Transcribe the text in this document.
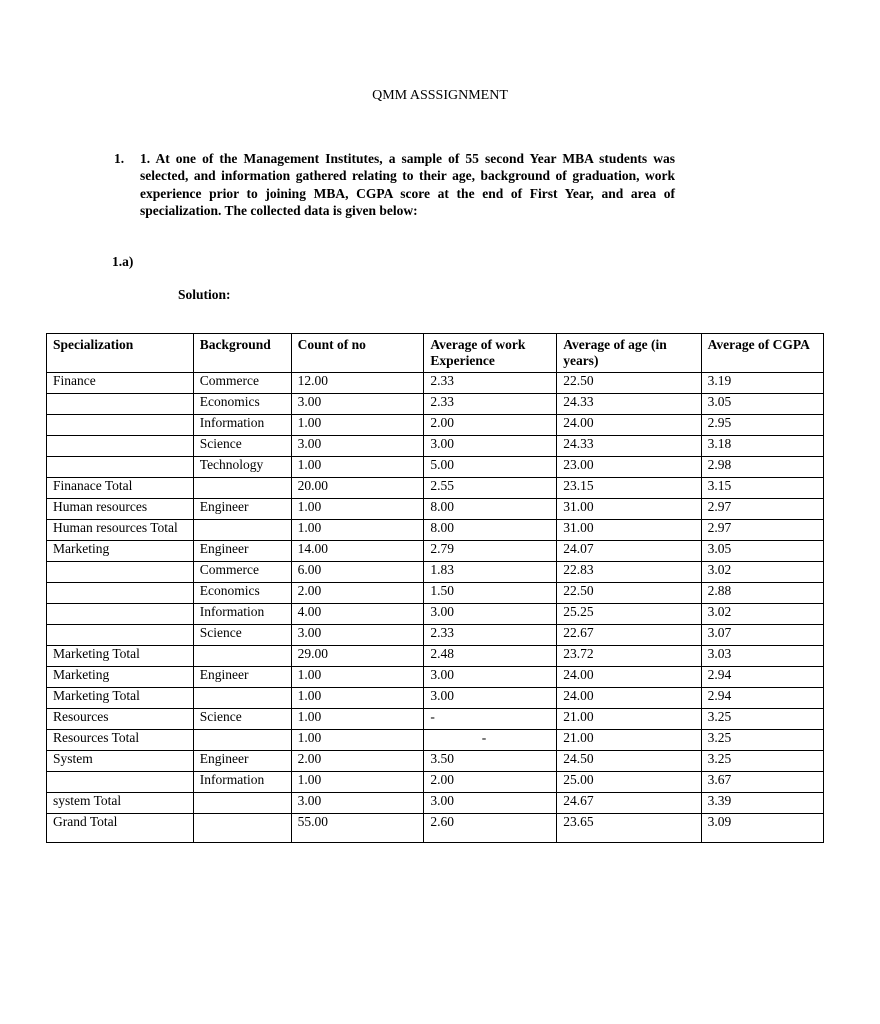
QMM ASSSIGNMENT
1. 1. At one of the Management Institutes, a sample of 55 second Year MBA students was selected, and information gathered relating to their age, background of graduation, work experience prior to joining MBA, CGPA score at the end of First Year, and area of specialization. The collected data is given below:
1.a)
Solution:
Specialization	Background	Count of no	Average of work Experience	Average of age (in years)	Average of CGPA
Finance	Commerce	12.00	2.33	22.50	3.19
	Economics	3.00	2.33	24.33	3.05
	Information	1.00	2.00	24.00	2.95
	Science	3.00	3.00	24.33	3.18
	Technology	1.00	5.00	23.00	2.98
Finanace Total		20.00	2.55	23.15	3.15
Human resources	Engineer	1.00	8.00	31.00	2.97
Human resources Total		1.00	8.00	31.00	2.97
Marketing	Engineer	14.00	2.79	24.07	3.05
	Commerce	6.00	1.83	22.83	3.02
	Economics	2.00	1.50	22.50	2.88
	Information	4.00	3.00	25.25	3.02
	Science	3.00	2.33	22.67	3.07
Marketing Total		29.00	2.48	23.72	3.03
Marketing	Engineer	1.00	3.00	24.00	2.94
Marketing Total		1.00	3.00	24.00	2.94
Resources	Science	1.00	-	21.00	3.25
Resources Total		1.00	-	21.00	3.25
System	Engineer	2.00	3.50	24.50	3.25
	Information	1.00	2.00	25.00	3.67
system Total		3.00	3.00	24.67	3.39
Grand Total		55.00	2.60	23.65	3.09
